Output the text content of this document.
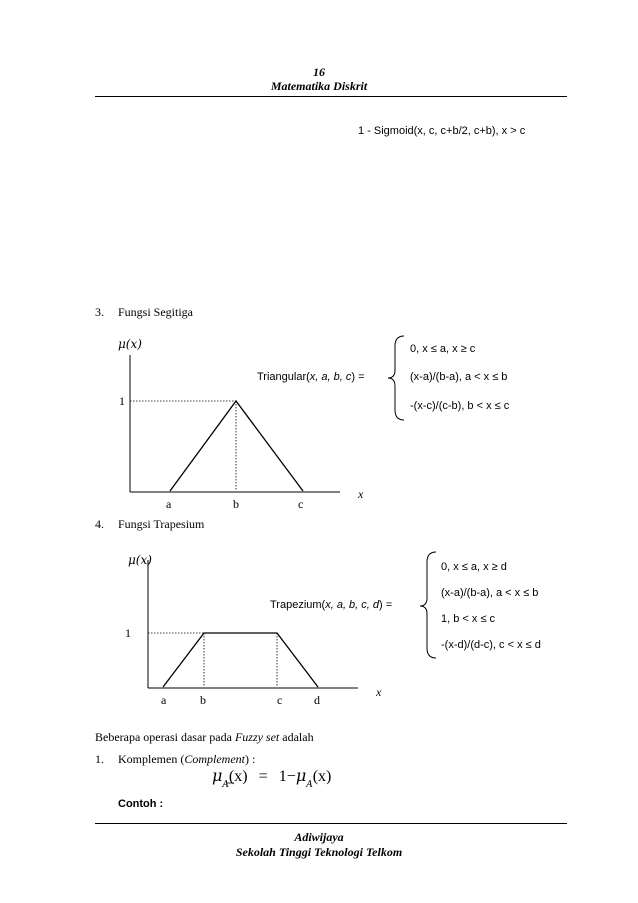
16
Matematika Diskrit
1 - Sigmoid(x, c, c+b/2, c+b), x > c
3. Fungsi Segitiga
μ(x)
1
a	b	c
x
Triangular(x, a, b, c) =
0, x ≤ a, x ≥ c
(x-a)/(b-a), a < x ≤ b
-(x-c)/(c-b), b < x ≤ c
4. Fungsi Trapesium
μ(x)
1
a	b	c	d
x
Trapezium(x, a, b, c, d) =
0, x ≤ a, x ≥ d
(x-a)/(b-a), a < x ≤ b
1, b < x ≤ c
-(x-d)/(d-c), c < x ≤ d
Beberapa operasi dasar pada Fuzzy set adalah
1. Komplemen (Complement) :
$\mu_A(x) = 1-\mu_A(x)$
Contoh :
Adiwijaya
Sekolah Tinggi Teknologi Telkom
